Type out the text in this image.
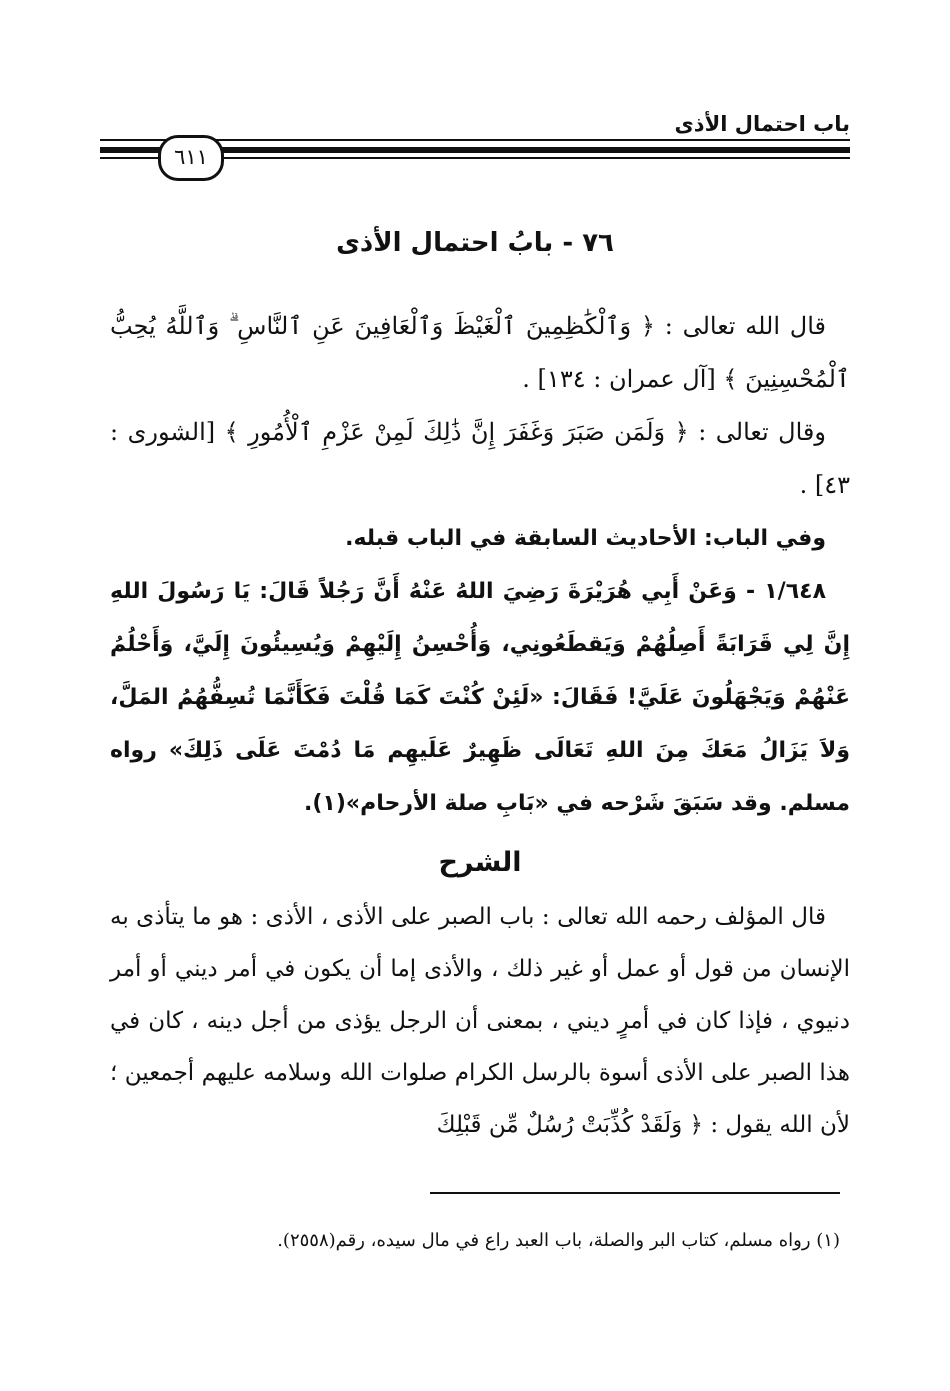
باب احتمال الأذى
٦١١
٧٦ - بابُ احتمال الأذى

قال الله تعالى : ﴿ وَٱلْكَٰظِمِينَ ٱلْغَيْظَ وَٱلْعَافِينَ عَنِ ٱلنَّاسِ ۗ وَٱللَّهُ يُحِبُّ ٱلْمُحْسِنِينَ ﴾ [آل عمران : ١٣٤] .

وقال تعالى : ﴿ وَلَمَن صَبَرَ وَغَفَرَ إِنَّ ذَٰلِكَ لَمِنْ عَزْمِ ٱلْأُمُورِ ﴾ [الشورى : ٤٣] .

وفي الباب: الأحاديث السابقة في الباب قبله.

١/٦٤٨ - وَعَنْ أَبِي هُرَيْرَةَ رَضِيَ اللهُ عَنْهُ أَنَّ رَجُلاً قَالَ: يَا رَسُولَ اللهِ إِنَّ لِي قَرَابَةً أَصِلُهُمْ وَيَقطَعُونِي، وَأُحْسِنُ إِلَيْهِمْ وَيُسِيئُونَ إِلَيَّ، وَأَحْلُمُ عَنْهُمْ وَيَجْهَلُونَ عَلَيَّ! فَقَالَ: «لَئِنْ كُنْتَ كَمَا قُلْتَ فَكَأَنَّمَا تُسِفُّهُمُ المَلَّ، وَلاَ يَزَالُ مَعَكَ مِنَ اللهِ تَعَالَى ظَهِيرٌ عَلَيهِم مَا دُمْتَ عَلَى ذَلِكَ» رواه مسلم. وقد سَبَقَ شَرْحه في «بَابِ صلة الأرحام»(١).

الشرح

قال المؤلف رحمه الله تعالى : باب الصبر على الأذى ، الأذى : هو ما يتأذى به الإنسان من قول أو عمل أو غير ذلك ، والأذى إما أن يكون في أمر ديني أو أمر دنيوي ، فإذا كان في أمرٍ ديني ، بمعنى أن الرجل يؤذى من أجل دينه ، كان في هذا الصبر على الأذى أسوة بالرسل الكرام صلوات الله وسلامه عليهم أجمعين ؛ لأن الله يقول : ﴿ وَلَقَدْ كُذِّبَتْ رُسُلٌ مِّن قَبْلِكَ

(١) رواه مسلم، كتاب البر والصلة، باب العبد راع في مال سيده، رقم(٢٥٥٨).
